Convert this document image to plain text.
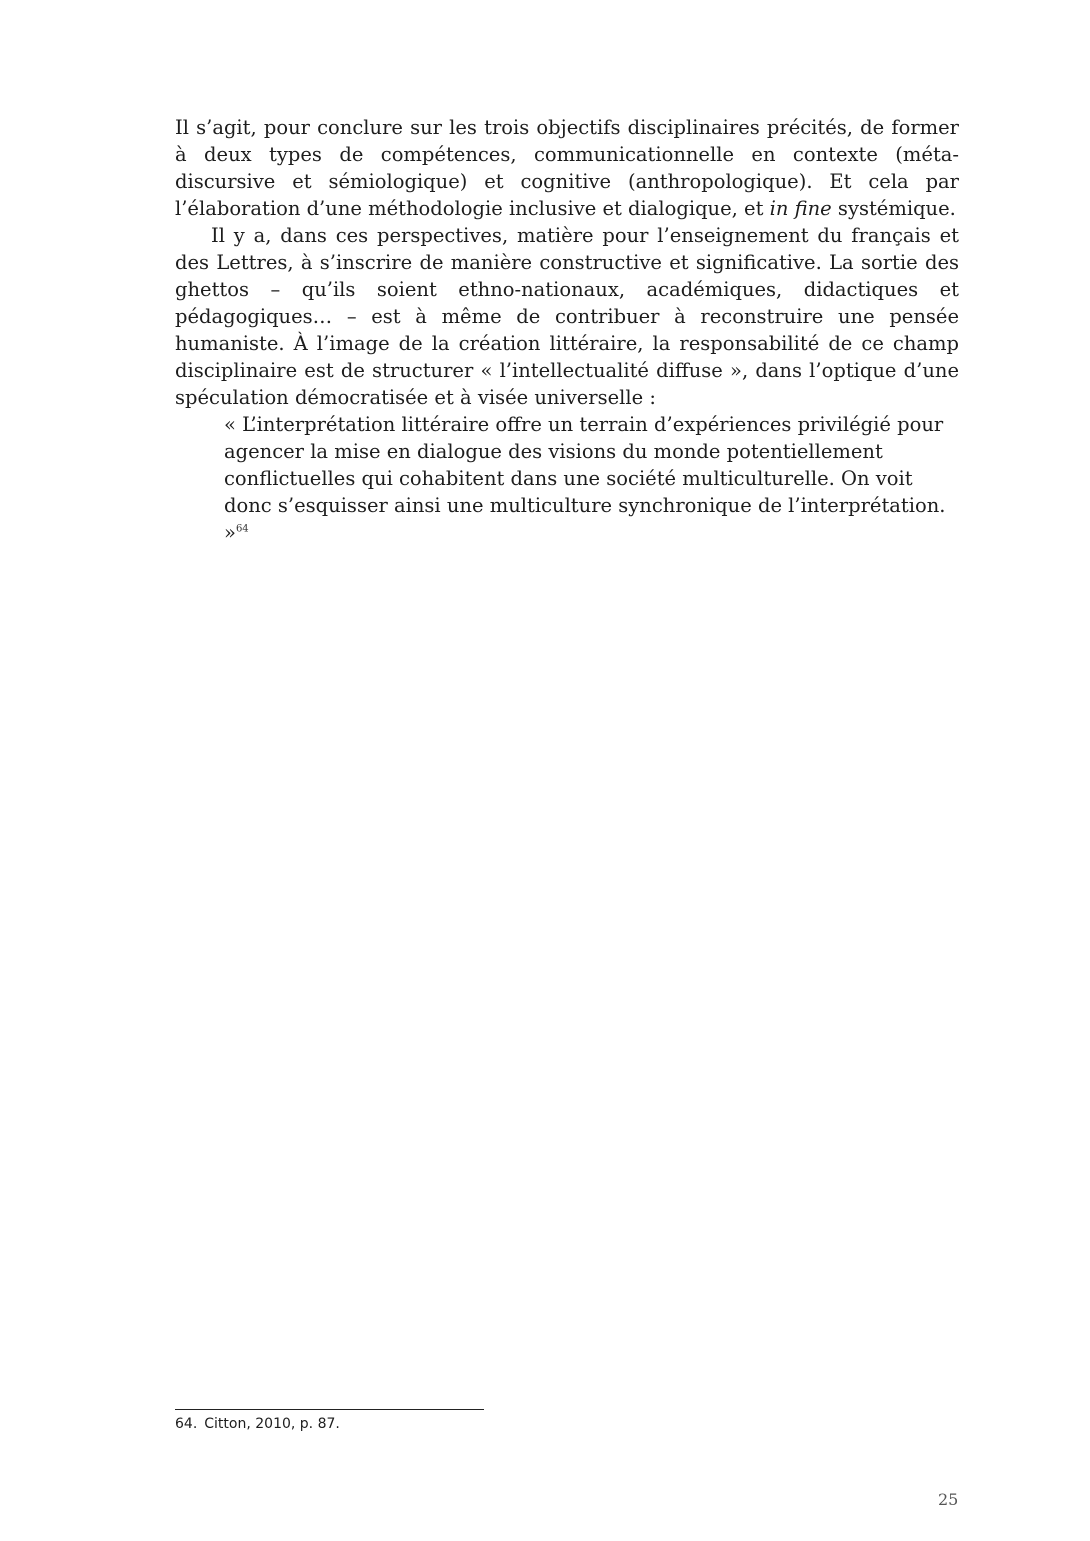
Il s’agit, pour conclure sur les trois objectifs disciplinaires précités, de former à deux types de compétences, communicationnelle en contexte (méta-discursive et sémiologique) et cognitive (anthropologique). Et cela par l’élaboration d’une méthodologie inclusive et dialogique, et in fine systémique.

Il y a, dans ces perspectives, matière pour l’enseignement du français et des Lettres, à s’inscrire de manière constructive et significative. La sortie des ghettos – qu’ils soient ethno-nationaux, académiques, didactiques et pédagogiques… – est à même de contribuer à reconstruire une pensée humaniste. À l’image de la création littéraire, la responsabilité de ce champ disciplinaire est de structurer « l’intellectualité diffuse », dans l’optique d’une spéculation démocratisée et à visée universelle :

« L’interprétation littéraire offre un terrain d’expériences privilégié pour agencer la mise en dialogue des visions du monde potentiellement conflictuelles qui cohabitent dans une société multiculturelle. On voit donc s’esquisser ainsi une multiculture synchronique de l’interprétation. »$^{64}$

64. Citton, 2010, p. 87.
25
